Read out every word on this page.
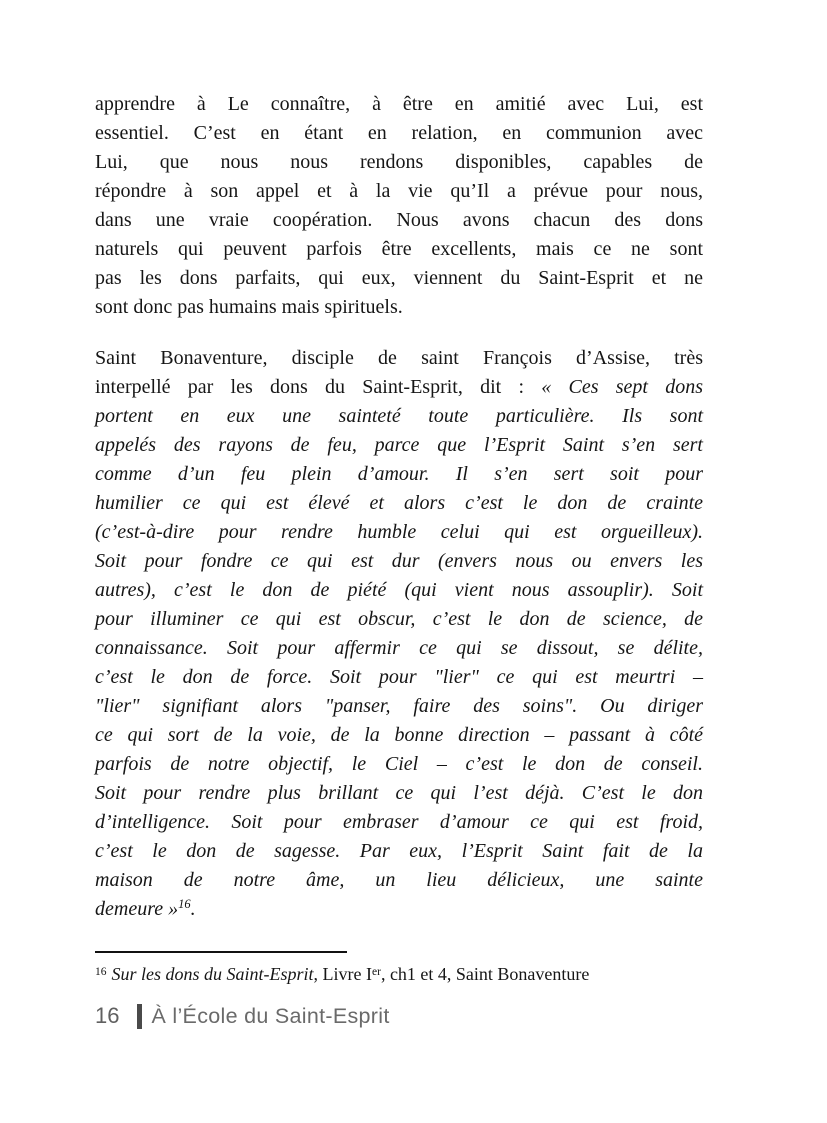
apprendre à Le connaître, à être en amitié avec Lui, est
essentiel. C’est en étant en relation, en communion avec
Lui, que nous nous rendons disponibles, capables de
répondre à son appel et à la vie qu’Il a prévue pour nous,
dans une vraie coopération. Nous avons chacun des dons
naturels qui peuvent parfois être excellents, mais ce ne sont
pas les dons parfaits, qui eux, viennent du Saint-Esprit et ne
sont donc pas humains mais spirituels.
Saint Bonaventure, disciple de saint François d’Assise, très
interpellé par les dons du Saint-Esprit, dit : « Ces sept dons
portent en eux une sainteté toute particulière. Ils sont
appelés des rayons de feu, parce que l’Esprit Saint s’en sert
comme d’un feu plein d’amour. Il s’en sert soit pour
humilier ce qui est élevé et alors c’est le don de crainte
(c’est-à-dire pour rendre humble celui qui est orgueilleux).
Soit pour fondre ce qui est dur (envers nous ou envers les
autres), c’est le don de piété (qui vient nous assouplir). Soit
pour illuminer ce qui est obscur, c’est le don de science, de
connaissance. Soit pour affermir ce qui se dissout, se délite,
c’est le don de force. Soit pour "lier" ce qui est meurtri –
"lier" signifiant alors "panser, faire des soins". Ou diriger
ce qui sort de la voie, de la bonne direction – passant à côté
parfois de notre objectif, le Ciel – c’est le don de conseil.
Soit pour rendre plus brillant ce qui l’est déjà. C’est le don
d’intelligence. Soit pour embraser d’amour ce qui est froid,
c’est le don de sagesse. Par eux, l’Esprit Saint fait de la
maison de notre âme, un lieu délicieux, une sainte
demeure »$^{16}$.
$^{16}$ Sur les dons du Saint-Esprit, Livre Ier, ch1 et 4, Saint Bonaventure
16 À l’École du Saint-Esprit
